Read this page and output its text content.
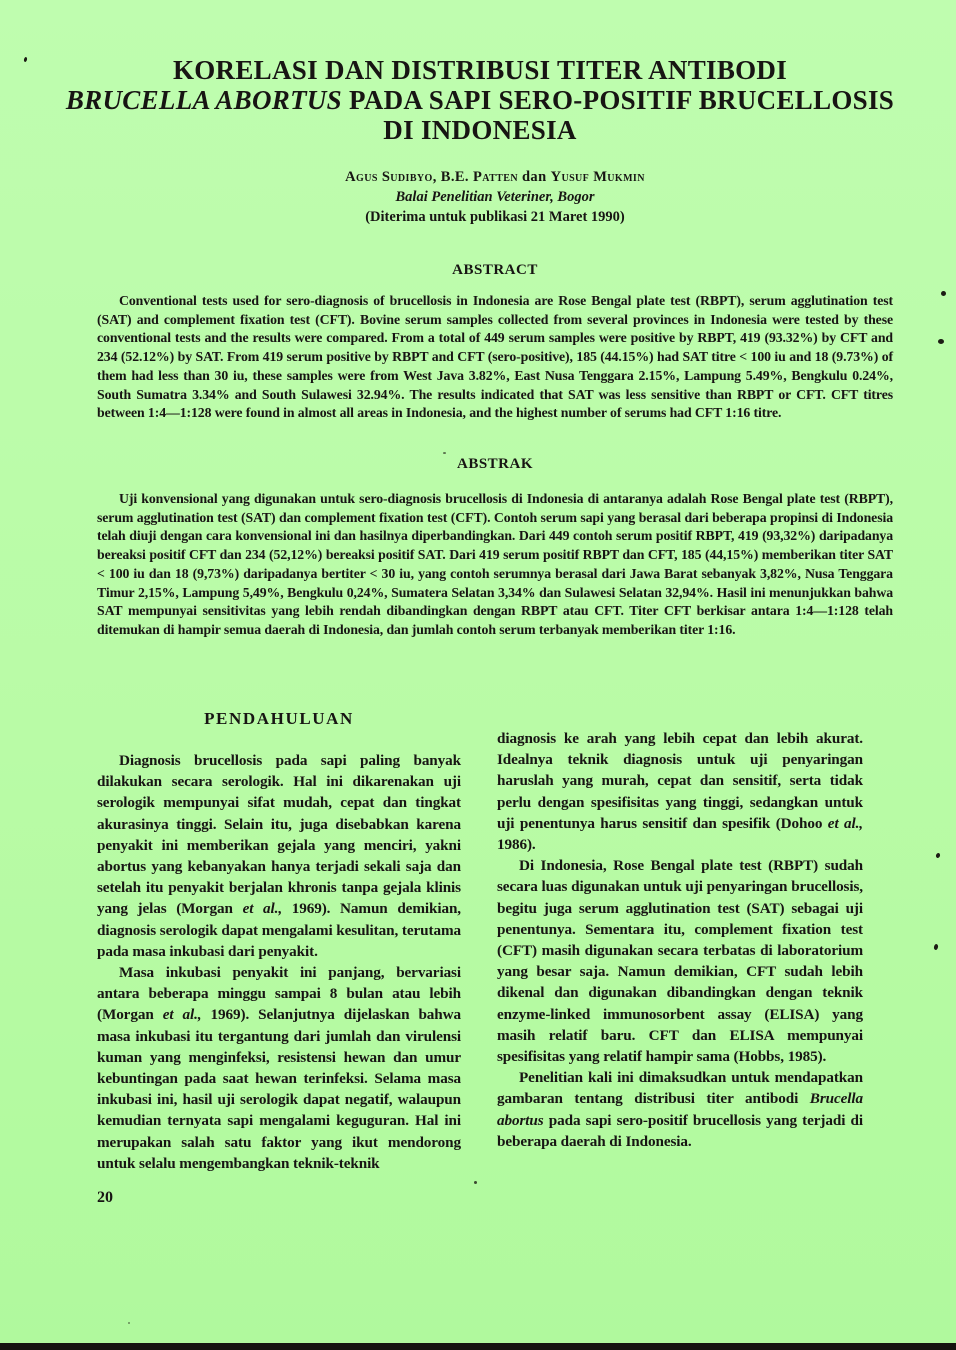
KORELASI DAN DISTRIBUSI TITER ANTIBODI
BRUCELLA ABORTUS PADA SAPI SERO-POSITIF BRUCELLOSIS
DI INDONESIA
Agus Sudibyo, B.E. Patten dan Yusuf Mukmin
Balai Penelitian Veteriner, Bogor
(Diterima untuk publikasi 21 Maret 1990)
ABSTRACT

Conventional tests used for sero-diagnosis of brucellosis in Indonesia are Rose Bengal plate test (RBPT), serum agglutination test (SAT) and complement fixation test (CFT). Bovine serum samples collected from several provinces in Indonesia were tested by these conventional tests and the results were compared. From a total of 449 serum samples were positive by RBPT, 419 (93.32%) by CFT and 234 (52.12%) by SAT. From 419 serum positive by RBPT and CFT (sero-positive), 185 (44.15%) had SAT titre < 100 iu and 18 (9.73%) of them had less than 30 iu, these samples were from West Java 3.82%, East Nusa Tenggara 2.15%, Lampung 5.49%, Bengkulu 0.24%, South Sumatra 3.34% and South Sulawesi 32.94%. The results indicated that SAT was less sensitive than RBPT or CFT. CFT titres between 1:4—1:128 were found in almost all areas in Indonesia, and the highest number of serums had CFT 1:16 titre.

ABSTRAK

Uji konvensional yang digunakan untuk sero-diagnosis brucellosis di Indonesia di antaranya adalah Rose Bengal plate test (RBPT), serum agglutination test (SAT) dan complement fixation test (CFT). Contoh serum sapi yang berasal dari beberapa propinsi di Indonesia telah diuji dengan cara konvensional ini dan hasilnya diperbandingkan. Dari 449 contoh serum positif RBPT, 419 (93,32%) daripadanya bereaksi positif CFT dan 234 (52,12%) bereaksi positif SAT. Dari 419 serum positif RBPT dan CFT, 185 (44,15%) memberikan titer SAT < 100 iu dan 18 (9,73%) daripadanya bertiter < 30 iu, yang contoh serumnya berasal dari Jawa Barat sebanyak 3,82%, Nusa Tenggara Timur 2,15%, Lampung 5,49%, Bengkulu 0,24%, Sumatera Selatan 3,34% dan Sulawesi Selatan 32,94%. Hasil ini menunjukkan bahwa SAT mempunyai sensitivitas yang lebih rendah dibandingkan dengan RBPT atau CFT. Titer CFT berkisar antara 1:4—1:128 telah ditemukan di hampir semua daerah di Indonesia, dan jumlah contoh serum terbanyak memberikan titer 1:16.

PENDAHULUAN

Diagnosis brucellosis pada sapi paling banyak dilakukan secara serologik. Hal ini dikarenakan uji serologik mempunyai sifat mudah, cepat dan tingkat akurasinya tinggi. Selain itu, juga disebabkan karena penyakit ini memberikan gejala yang menciri, yakni abortus yang kebanyakan hanya terjadi sekali saja dan setelah itu penyakit berjalan khronis tanpa gejala klinis yang jelas (Morgan et al., 1969). Namun demikian, diagnosis serologik dapat mengalami kesulitan, terutama pada masa inkubasi dari penyakit.

Masa inkubasi penyakit ini panjang, bervariasi antara beberapa minggu sampai 8 bulan atau lebih (Morgan et al., 1969). Selanjutnya dijelaskan bahwa masa inkubasi itu tergantung dari jumlah dan virulensi kuman yang menginfeksi, resistensi hewan dan umur kebuntingan pada saat hewan terinfeksi. Selama masa inkubasi ini, hasil uji serologik dapat negatif, walaupun kemudian ternyata sapi mengalami keguguran. Hal ini merupakan salah satu faktor yang ikut mendorong untuk selalu mengembangkan teknik-teknik

diagnosis ke arah yang lebih cepat dan lebih akurat. Idealnya teknik diagnosis untuk uji penyaringan haruslah yang murah, cepat dan sensitif, serta tidak perlu dengan spesifisitas yang tinggi, sedangkan untuk uji penentunya harus sensitif dan spesifik (Dohoo et al., 1986).

Di Indonesia, Rose Bengal plate test (RBPT) sudah secara luas digunakan untuk uji penyaringan brucellosis, begitu juga serum agglutination test (SAT) sebagai uji penentunya. Sementara itu, complement fixation test (CFT) masih digunakan secara terbatas di laboratorium yang besar saja. Namun demikian, CFT sudah lebih dikenal dan digunakan dibandingkan dengan teknik enzyme-linked immunosorbent assay (ELISA) yang masih relatif baru. CFT dan ELISA mempunyai spesifisitas yang relatif hampir sama (Hobbs, 1985).

Penelitian kali ini dimaksudkan untuk mendapatkan gambaran tentang distribusi titer antibodi Brucella abortus pada sapi sero-positif brucellosis yang terjadi di beberapa daerah di Indonesia.

20
